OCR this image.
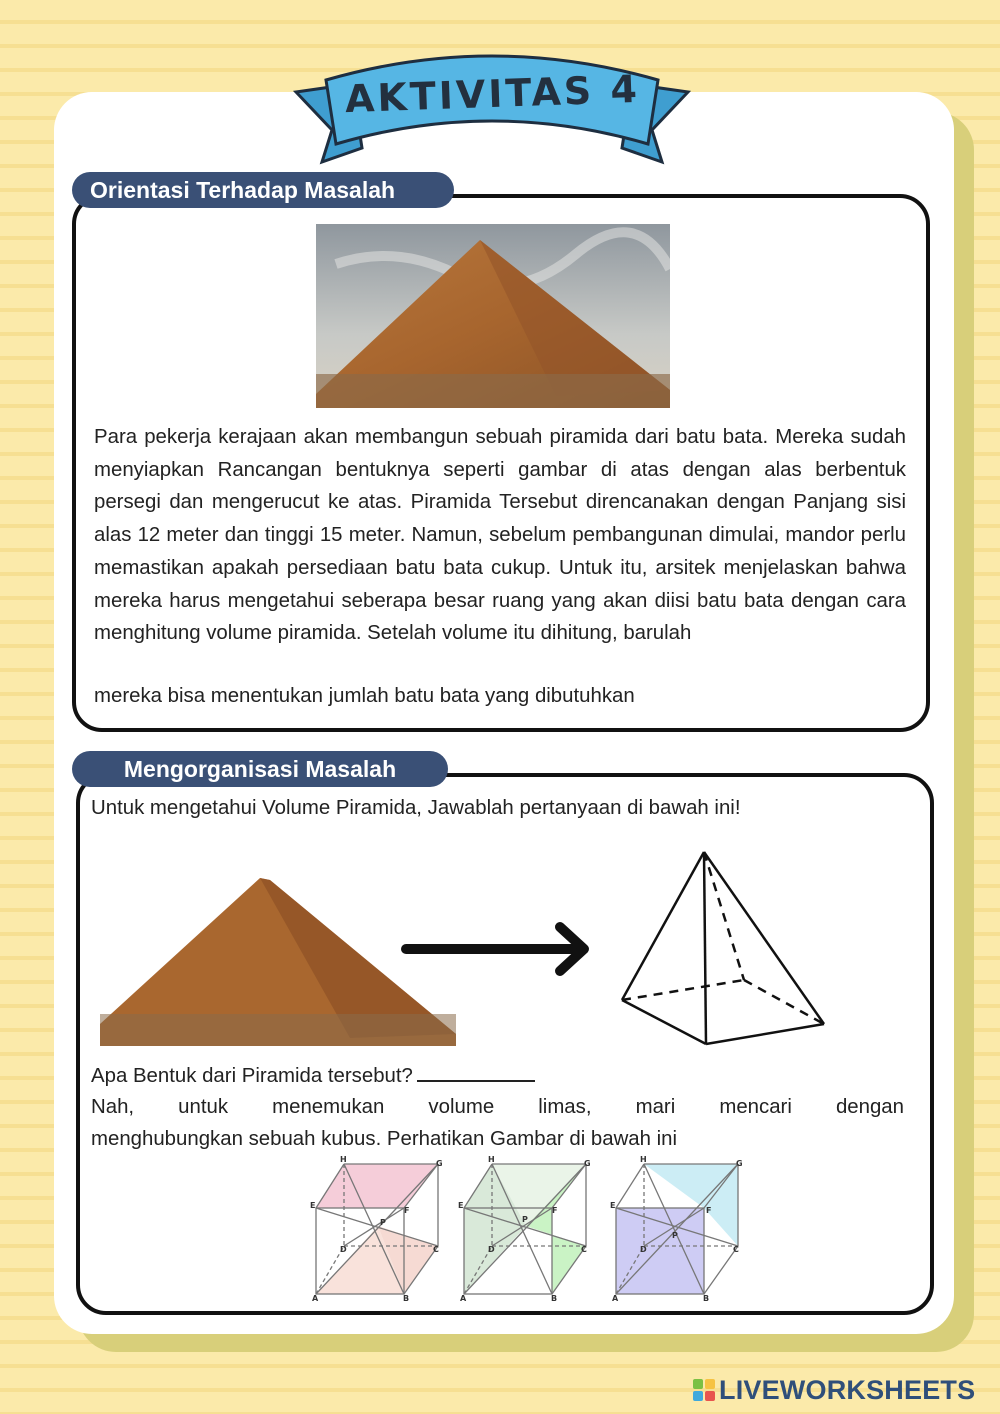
AKTIVITAS 4
Orientasi Terhadap Masalah
Para pekerja kerajaan akan membangun sebuah piramida dari batu bata. Mereka sudah menyiapkan Rancangan bentuknya seperti gambar di atas dengan alas berbentuk persegi dan mengerucut ke atas. Piramida Tersebut direncanakan dengan Panjang sisi alas 12 meter dan tinggi 15 meter. Namun, sebelum pembangunan dimulai, mandor perlu memastikan apakah persediaan batu bata cukup. Untuk itu, arsitek menjelaskan bahwa mereka harus mengetahui seberapa besar ruang yang akan diisi batu bata dengan cara menghitung volume piramida. Setelah volume itu dihitung, barulah
mereka bisa menentukan jumlah batu bata yang dibutuhkan
Mengorganisasi Masalah
Untuk mengetahui Volume Piramida, Jawablah pertanyaan di bawah ini!
Apa Bentuk dari Piramida tersebut?
Nah, untuk menemukan volume limas, mari mencari dengan
menghubungkan sebuah kubus. Perhatikan Gambar di bawah ini
H	G
E
F
P
D	C
A	B
H	G
E
F
P
D	C
A	B
H	G
E
F
P
D	C
A	B
LIVEWORKSHEETS
